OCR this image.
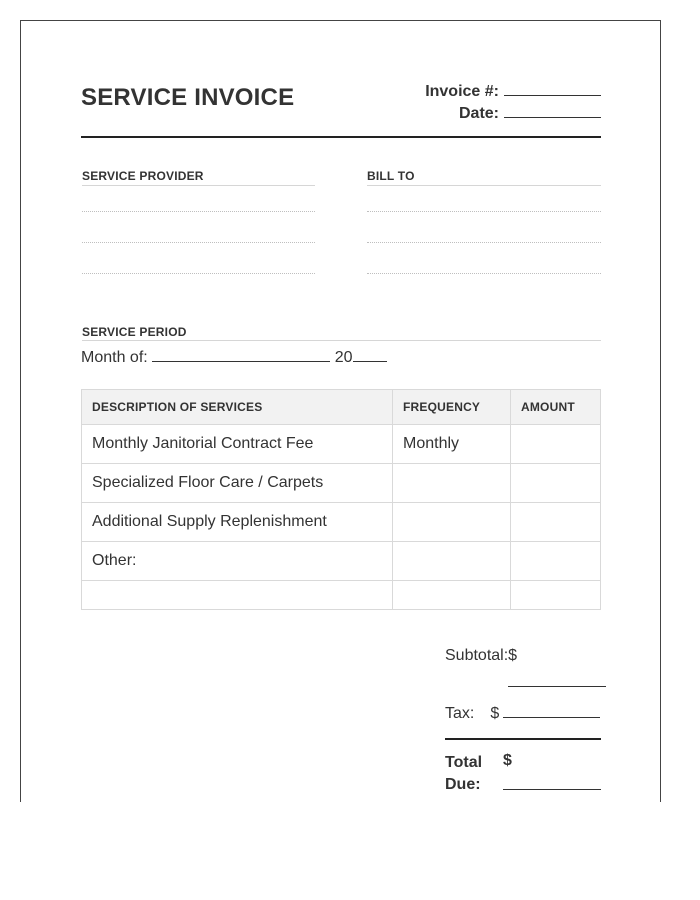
SERVICE INVOICE	Invoice #:
Date:
SERVICE PROVIDER	BILL TO
SERVICE PERIOD
Month of:	20
DESCRIPTION OF SERVICES	FREQUENCY	AMOUNT
Monthly Janitorial Contract Fee	Monthly	
Specialized Floor Care / Carpets		
Additional Supply Replenishment		
Other:		

Subtotal:$
Tax: $
Total
Due:
$
